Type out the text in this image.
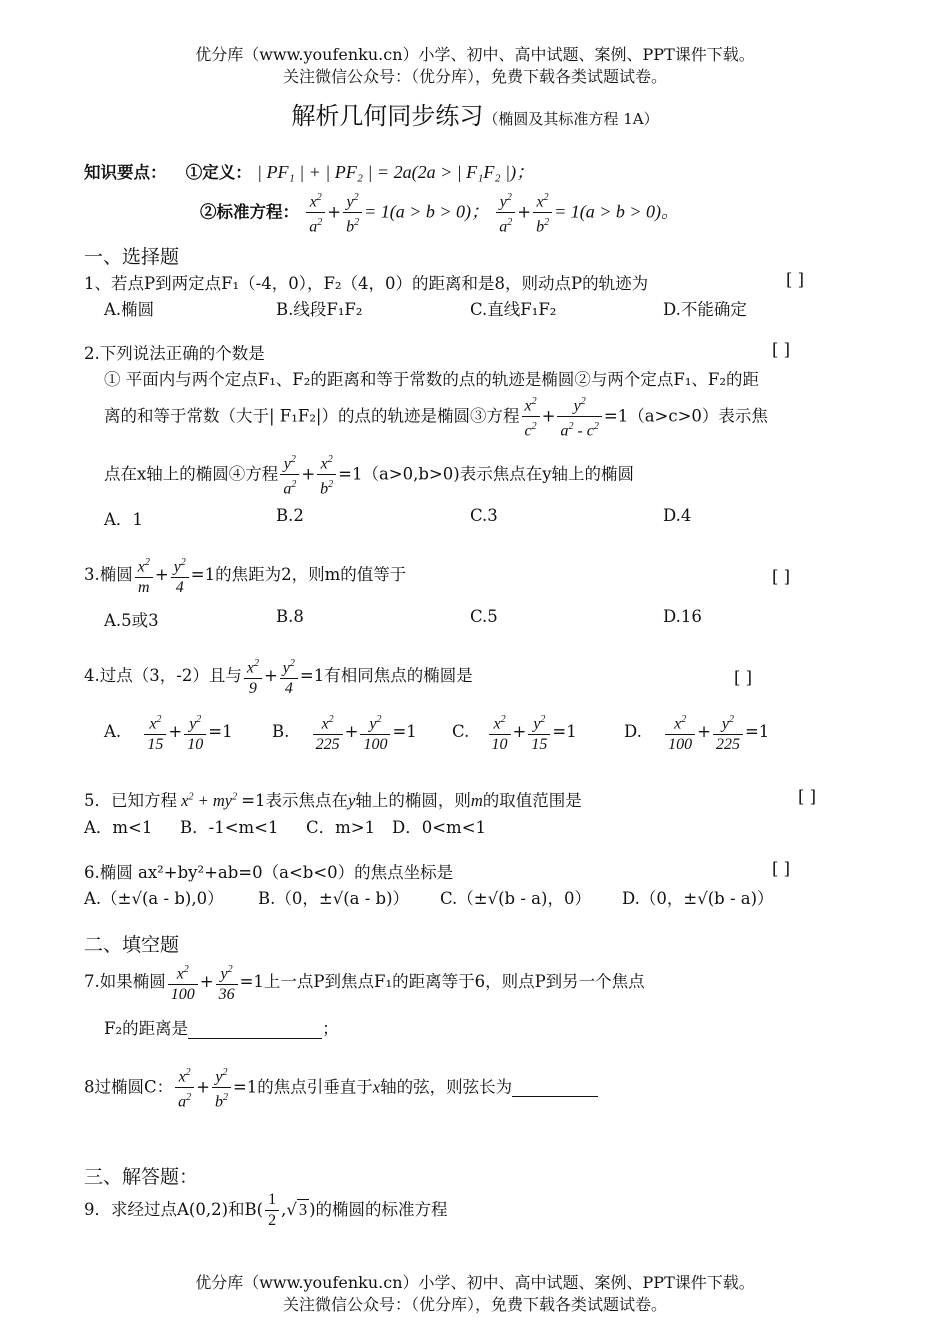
优分库（www.youfenku.cn）小学、初中、高中试题、案例、PPT课件下载。
关注微信公众号：（优分库），免费下载各类试题试卷。
解析几何同步练习（椭圆及其标准方程 1A）
知识要点： ①定义： | PF₁ | + | PF₂ | = 2a(2a > | F₁F₂ |)；
②标准方程： $\frac{x^2}{a^2} + \frac{y^2}{b^2} = 1(a > b > 0)$； $\frac{y^2}{a^2} + \frac{x^2}{b^2} = 1(a > b > 0)$。
一、选择题
1、若点P到两定点F₁（-4，0），F₂（4，0）的距离和是8，则动点P的轨迹为	[ ]
A.椭圆	B.线段F₁F₂	C.直线F₁F₂	D.不能确定
2.下列说法正确的个数是	[ ]
① 平面内与两个定点F₁、F₂的距离和等于常数的点的轨迹是椭圆②与两个定点F₁、F₂的距
离的和等于常数（大于| F₁F₂|）的点的轨迹是椭圆③方程 $\frac{x^2}{c^2} + \frac{y^2}{a^2 - c^2} =1(a>c>0)$表示焦
点在x轴上的椭圆④方程 $\frac{y^2}{a^2} + \frac{x^2}{b^2} =1(a>0,b>0)$表示焦点在y轴上的椭圆
A．1	B.2	C.3	D.4
3.椭圆 $\frac{x^2}{m} + \frac{y^2}{4} =1$的焦距为2，则m的值等于	[ ]
A.5或3	B.8	C.5	D.16
4.过点（3，-2）且与 $\frac{x^2}{9} + \frac{y^2}{4} =1$有相同焦点的椭圆是	[ ]
A. $\frac{x^2}{15} + \frac{y^2}{10} =1$ B. $\frac{x^2}{225} + \frac{y^2}{100} =1$ C. $\frac{x^2}{10} + \frac{y^2}{15} =1$	D. $\frac{x^2}{100} + \frac{y^2}{225} =1$
5．已知方程 $x^2 + my^2 =1$表示焦点在y轴上的椭圆，则m的取值范围是	[ ]
A．m<1 B．-1<m<1 C．m>1 D．0<m<1
6.椭圆 ax²+by²+ab=0（a<b<0）的焦点坐标是	[ ]
A.（±√(a - b),0） B.（0，±√(a - b)） C.（±√(b - a)，0） D.（0，±√(b - a)）
二、填空题
7.如果椭圆 $\frac{x^2}{100} + \frac{y^2}{36} =1$上一点P到焦点F₁的距离等于6，则点P到另一个焦点
F₂的距离是	；
8过椭圆C： $\frac{x^2}{a^2} + \frac{y^2}{b^2} =1$的焦点引垂直于x轴的弦，则弦长为
三、解答题：
9．求经过点A(0,2)和$B( \frac{1}{2}$ ,√ 3 )的椭圆的标准方程
优分库（www.youfenku.cn）小学、初中、高中试题、案例、PPT课件下载。
关注微信公众号：（优分库），免费下载各类试题试卷。
